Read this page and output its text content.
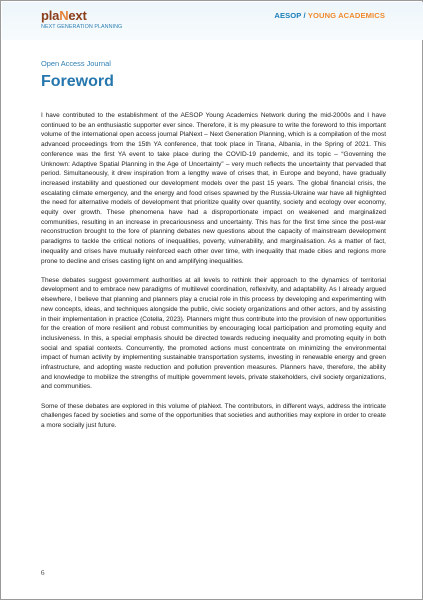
plaNext
NEXT GENERATION PLANNING
AESOP / YOUNG ACADEMICS
Open Access Journal
Foreword

I have contributed to the establishment of the AESOP Young Academics Network during the mid-2000s and I have continued to be an enthusiastic supporter ever since. Therefore, it is my pleasure to write the foreword to this important volume of the international open access journal PlaNext – Next Generation Planning, which is a compilation of the most advanced proceedings from the 15th YA conference, that took place in Tirana, Albania, in the Spring of 2021. This conference was the first YA event to take place during the COVID-19 pandemic, and its topic – “Governing the Unknown: Adaptive Spatial Planning in the Age of Uncertainty” – very much reflects the uncertainty that pervaded that period. Simultaneously, it drew inspiration from a lengthy wave of crises that, in Europe and beyond, have gradually increased instability and questioned our development models over the past 15 years. The global financial crisis, the escalating climate emergency, and the energy and food crises spawned by the Russia-Ukraine war have all highlighted the need for alternative models of development that prioritize quality over quantity, society and ecology over economy, equity over growth. These phenomena have had a disproportionate impact on weakened and marginalized communities, resulting in an increase in precariousness and uncertainty. This has for the first time since the post-war reconstruction brought to the fore of planning debates new questions about the capacity of mainstream development paradigms to tackle the critical notions of inequalities, poverty, vulnerability, and marginalisation. As a matter of fact, inequality and crises have mutually reinforced each other over time, with inequality that made cities and regions more prone to decline and crises casting light on and amplifying inequalities.

These debates suggest government authorities at all levels to rethink their approach to the dynamics of territorial development and to embrace new paradigms of multilevel coordination, reflexivity, and adaptability. As I already argued elsewhere, I believe that planning and planners play a crucial role in this process by developing and experimenting with new concepts, ideas, and techniques alongside the public, civic society organizations and other actors, and by assisting in their implementation in practice (Cotella, 2023). Planners might thus contribute into the provision of new opportunities for the creation of more resilient and robust communities by encouraging local participation and promoting equity and inclusiveness. In this, a special emphasis should be directed towards reducing inequality and promoting equity in both social and spatial contexts. Concurrently, the promoted actions must concentrate on minimizing the environmental impact of human activity by implementing sustainable transportation systems, investing in renewable energy and green infrastructure, and adopting waste reduction and pollution prevention measures. Planners have, therefore, the ability and knowledge to mobilize the strengths of multiple government levels, private stakeholders, civil society organizations, and communities.

Some of these debates are explored in this volume of plaNext. The contributors, in different ways, address the intricate challenges faced by societies and some of the opportunities that societies and authorities may explore in order to create a more socially just future.

6
